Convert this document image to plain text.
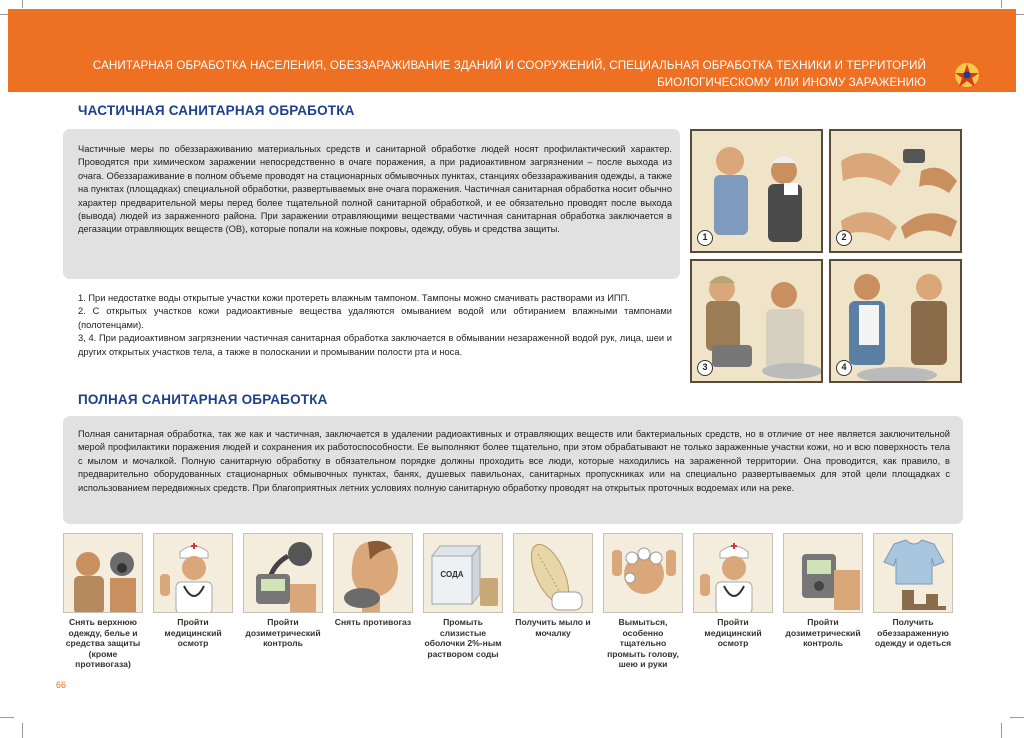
САНИТАРНАЯ ОБРАБОТКА НАСЕЛЕНИЯ, ОБЕЗЗАРАЖИВАНИЕ ЗДАНИЙ И СООРУЖЕНИЙ, СПЕЦИАЛЬНАЯ ОБРАБОТКА ТЕХНИКИ И ТЕРРИТОРИЙ
БИОЛОГИЧЕСКОМУ ИЛИ ИНОМУ ЗАРАЖЕНИЮ
ЧАСТИЧНАЯ САНИТАРНАЯ ОБРАБОТКА
Частичные меры по обеззараживанию материальных средств и санитарной обработке людей носят профилактический характер. Проводятся при химическом заражении непосредственно в очаге поражения, а при радиоактивном загрязнении – после выхода из очага. Обеззараживание в полном объеме проводят на стационарных обмывочных пунктах, станциях обеззараживания одежды, а также на пунктах (площадках) специальной обработки, развертываемых вне очага поражения. Частичная санитарная обработка носит обычно характер предварительной меры перед более тщательной полной санитарной обработкой, и ее обязательно проводят после выхода (вывода) людей из зараженного района. При заражении отравляющими веществами частичная санитарная обработка заключается в дегазации отравляющих веществ (ОВ), которые попали на кожные покровы, одежду, обувь и средства защиты.

1. При недостатке воды открытые участки кожи протереть влажным тампоном. Тампоны можно смачивать растворами из ИПП.

2. С открытых участков кожи радиоактивные вещества удаляются омыванием водой или обтиранием влажными тампонами (полотенцами).

3, 4. При радиоактивном загрязнении частичная санитарная обработка заключается в обмывании незараженной водой рук, лица, шеи и других открытых участков тела, а также в полоскании и промывании полости рта и носа.

1	2
3	4
ПОЛНАЯ САНИТАРНАЯ ОБРАБОТКА
Полная санитарная обработка, так же как и частичная, заключается в удалении радиоактивных и отравляющих веществ или бактериальных средств, но в отличие от нее является заключительной мерой профилактики поражения людей и сохранения их работоспособности. Ее выполняют более тщательно, при этом обрабатывают не только зараженные участки кожи, но и всю поверхность тела с мылом и мочалкой. Полную санитарную обработку в обязательном порядке должны проходить все люди, которые находились на зараженной территории. Она проводится, как правило, в предварительно оборудованных стационарных обмывочных пунктах, банях, душевых павильонах, санитарных пропускниках или на специально развертываемых для этой цели площадках с использованием передвижных средств. При благоприятных летних условиях полную санитарную обработку проводят на открытых проточных водоемах или на реке.
Снять верхнюю одежду, белье и средства защиты (кроме противогаза)
Пройти медицинский осмотр
Пройти дозиметрический контроль
Снять противогаз
СОДА
Промыть слизистые оболочки 2%-ным раствором соды
Получить мыло и мочалку
Вымыться, особенно тщательно промыть голову, шею и руки
Пройти медицинский осмотр
Пройти дозиметрический контроль
Получить обеззараженную одежду и одеться
66
